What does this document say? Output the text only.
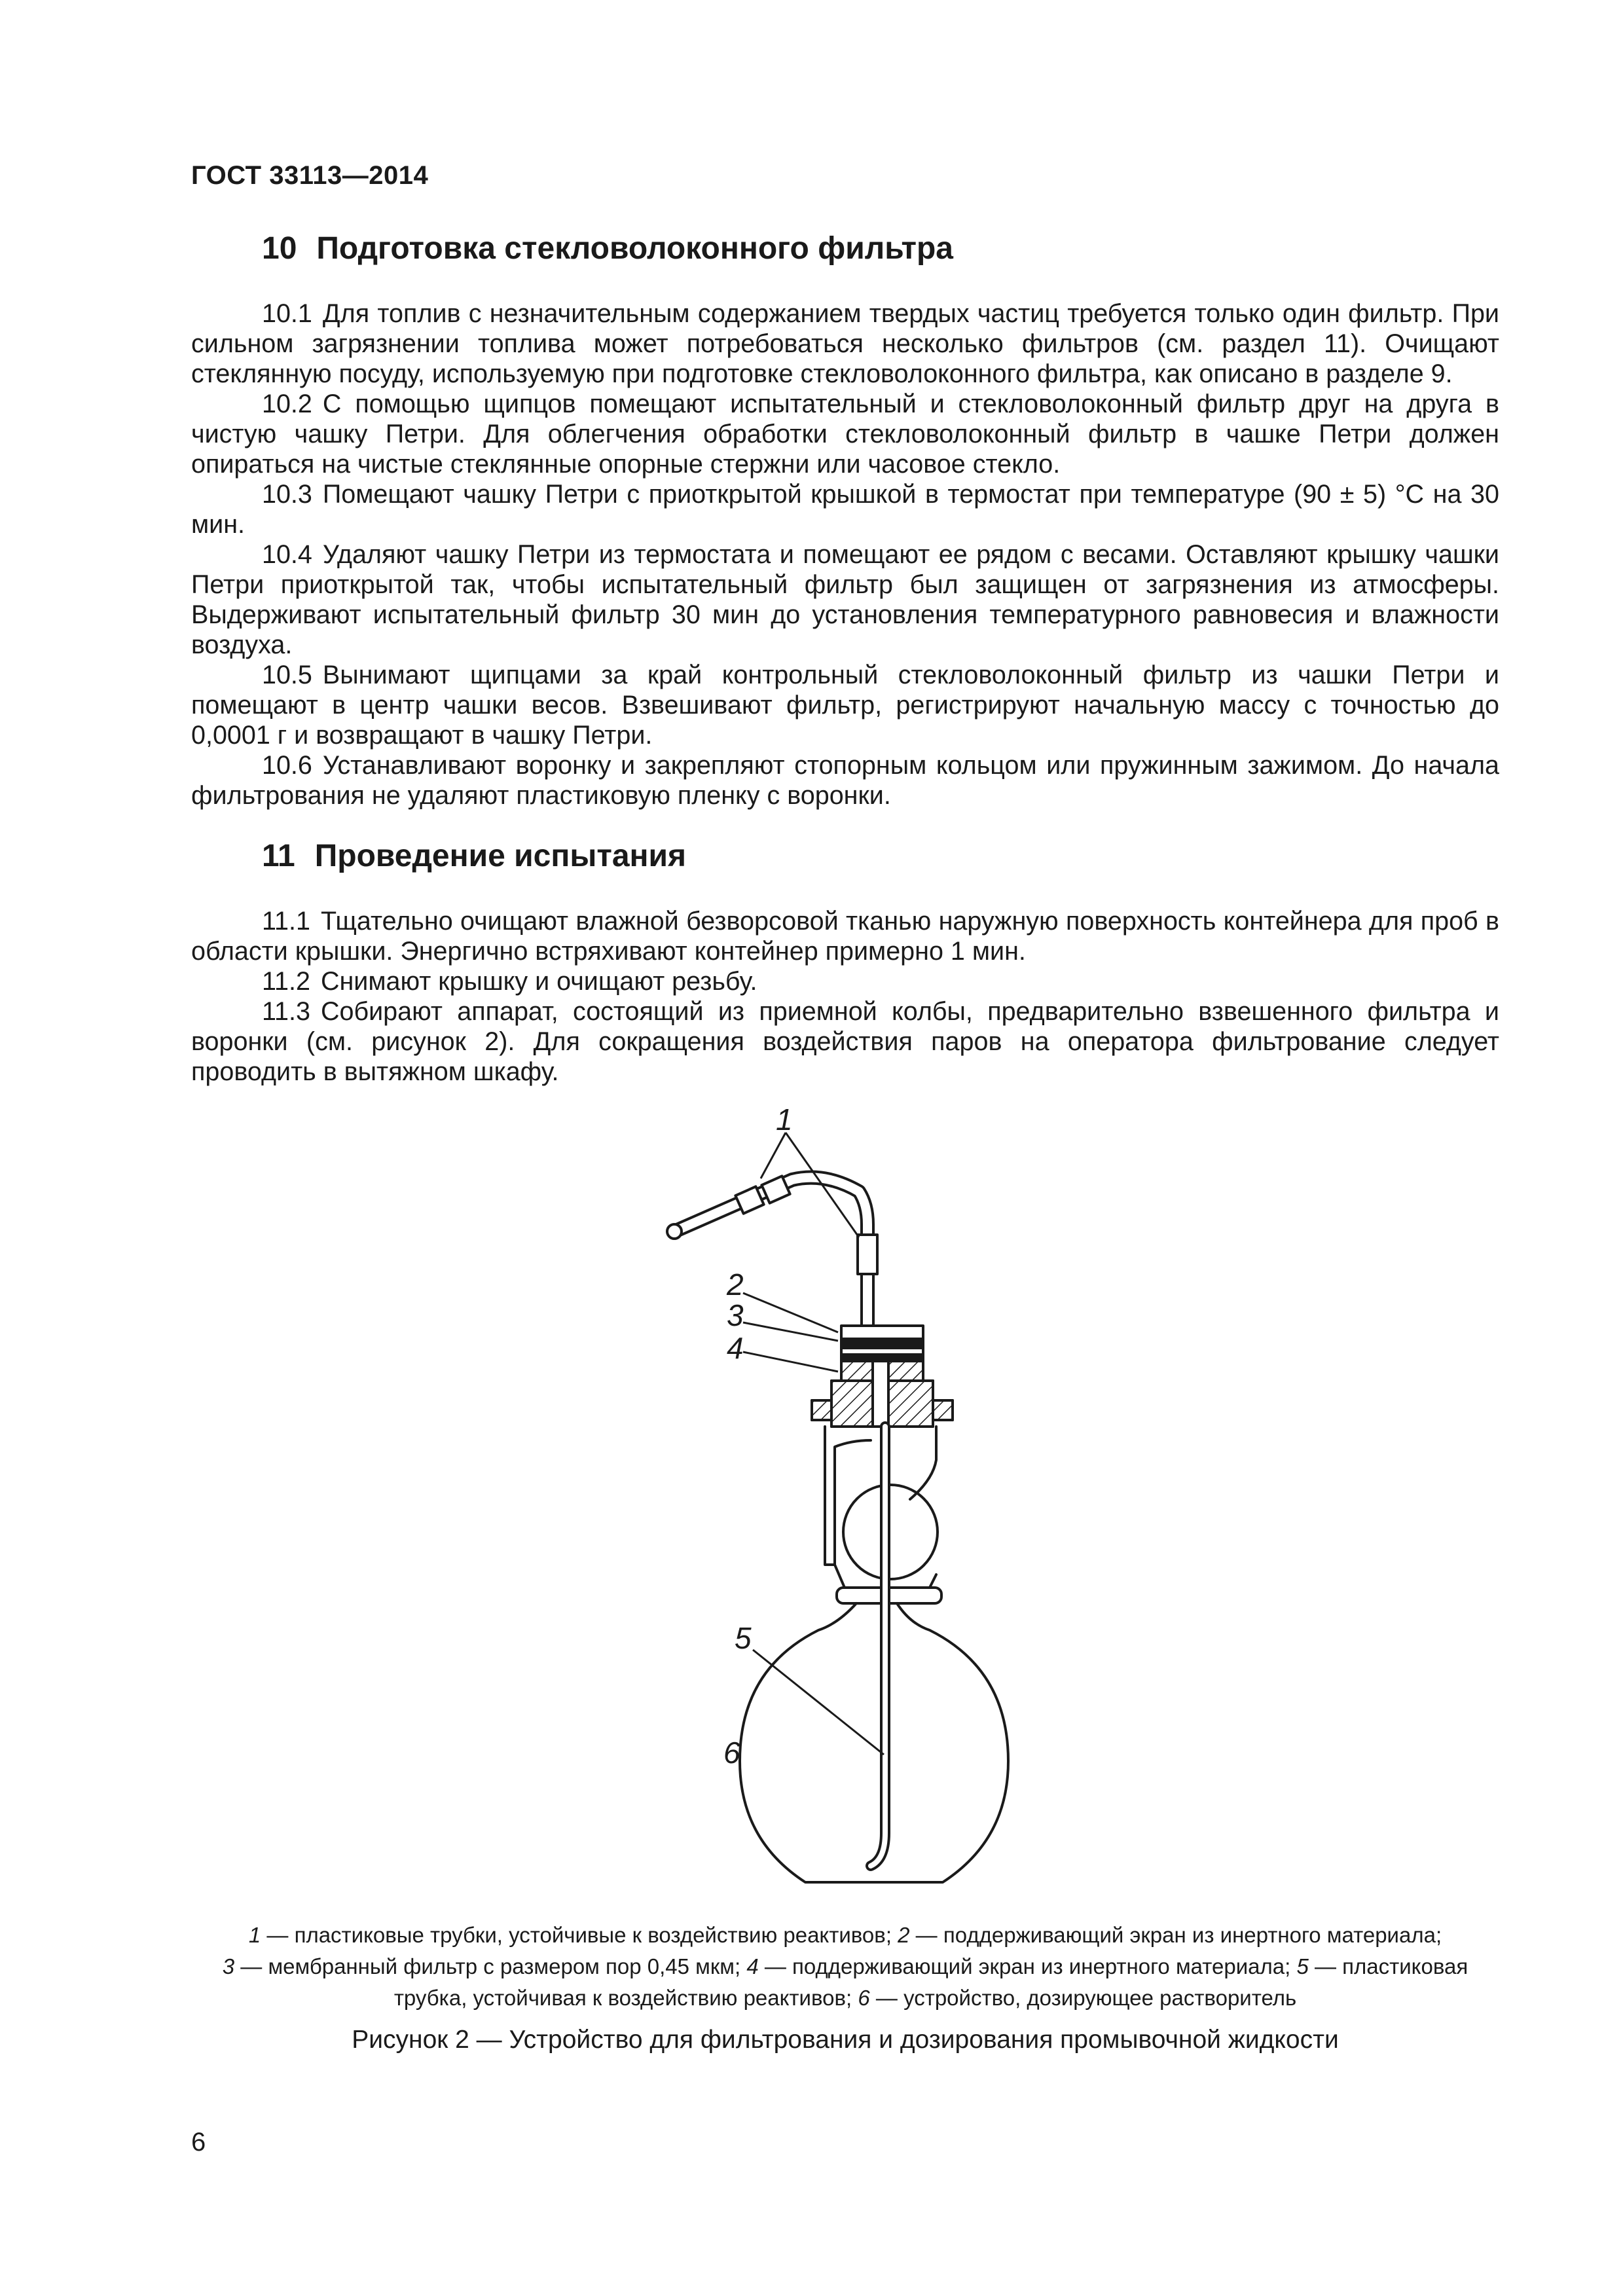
ГОСТ 33113—2014
10 Подготовка стекловолоконного фильтра

10.1 Для топлив с незначительным содержанием твердых частиц требуется только один фильтр. При сильном загрязнении топлива может потребоваться несколько фильтров (см. раздел 11). Очищают стеклянную посуду, используемую при подготовке стекловолоконного фильтра, как описано в разделе 9.

10.2 С помощью щипцов помещают испытательный и стекловолоконный фильтр друг на друга в чистую чашку Петри. Для облегчения обработки стекловолоконный фильтр в чашке Петри должен опираться на чистые стеклянные опорные стержни или часовое стекло.

10.3 Помещают чашку Петри с приоткрытой крышкой в термостат при температуре (90 ± 5) °С на 30 мин.

10.4 Удаляют чашку Петри из термостата и помещают ее рядом с весами. Оставляют крышку чашки Петри приоткрытой так, чтобы испытательный фильтр был защищен от загрязнения из атмосферы. Выдерживают испытательный фильтр 30 мин до установления температурного равновесия и влажности воздуха.

10.5 Вынимают щипцами за край контрольный стекловолоконный фильтр из чашки Петри и помещают в центр чашки весов. Взвешивают фильтр, регистрируют начальную массу с точностью до 0,0001 г и возвращают в чашку Петри.

10.6 Устанавливают воронку и закрепляют стопорным кольцом или пружинным зажимом. До начала фильтрования не удаляют пластиковую пленку с воронки.

11 Проведение испытания

11.1 Тщательно очищают влажной безворсовой тканью наружную поверхность контейнера для проб в области крышки. Энергично встряхивают контейнер примерно 1 мин.

11.2 Снимают крышку и очищают резьбу.

11.3 Собирают аппарат, состоящий из приемной колбы, предварительно взвешенного фильтра и воронки (см. рисунок 2). Для сокращения воздействия паров на оператора фильтрование следует проводить в вытяжном шкафу.

1
2
3
4
5
6
1 — пластиковые трубки, устойчивые к воздействию реактивов; 2 — поддерживающий экран из инертного материала;
3 — мембранный фильтр с размером пор 0,45 мкм; 4 — поддерживающий экран из инертного материала; 5 — пластиковая
трубка, устойчивая к воздействию реактивов; 6 — устройство, дозирующее растворитель
Рисунок 2 — Устройство для фильтрования и дозирования промывочной жидкости
6
